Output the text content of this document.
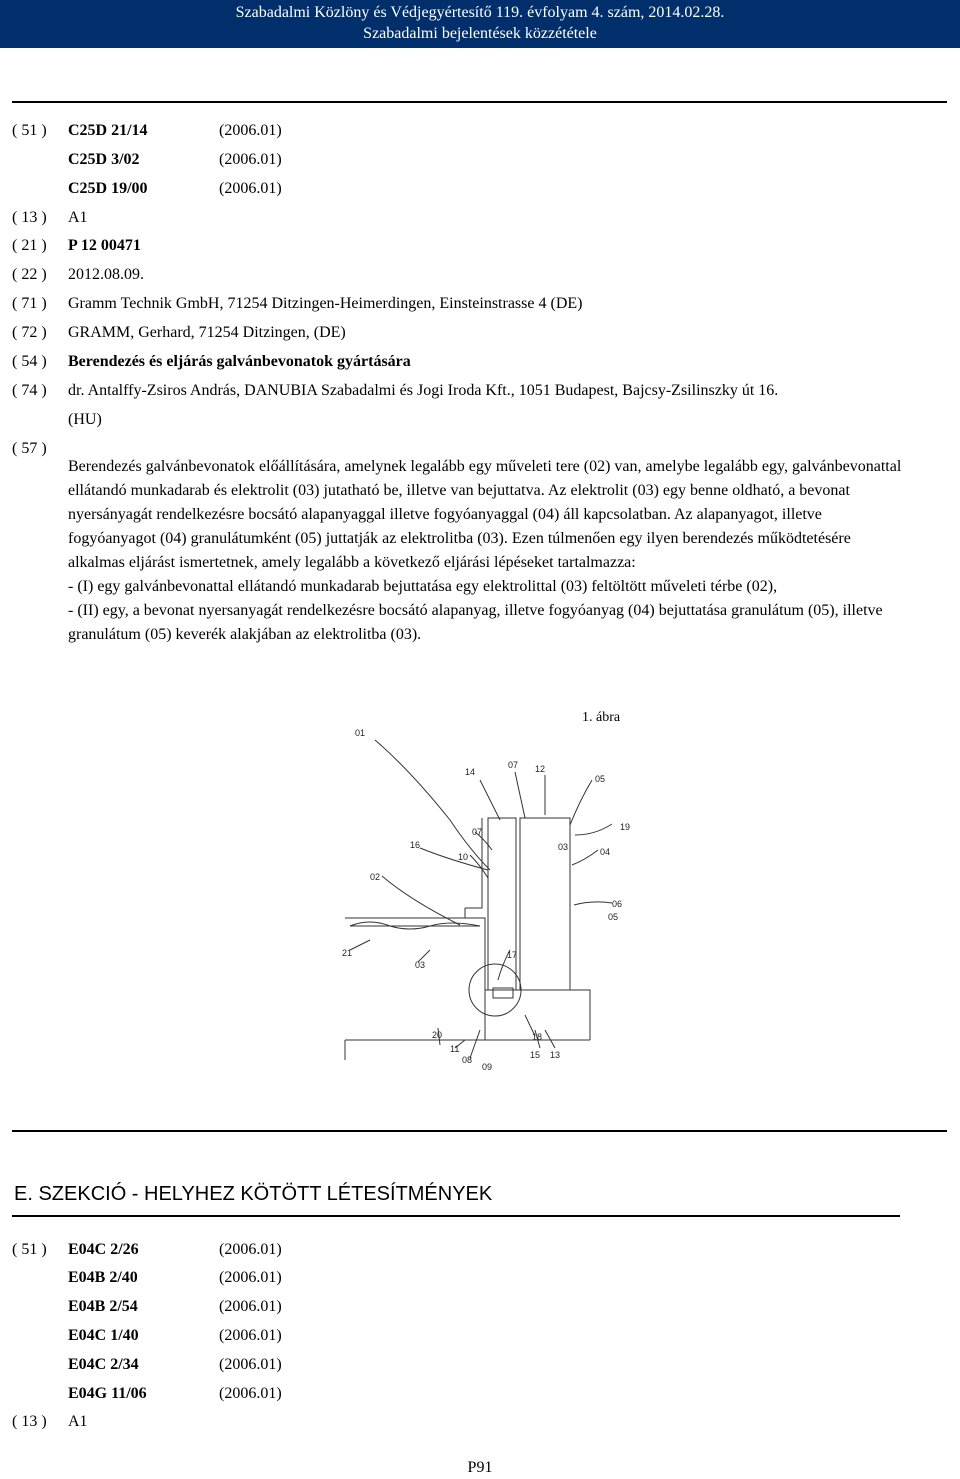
Szabadalmi Közlöny és Védjegyértesítő 119. évfolyam 4. szám, 2014.02.28.
Szabadalmi bejelentések közzététele
( 51 ) C25D 21/14	(2006.01)
C25D 3/02	(2006.01)
C25D 19/00	(2006.01)
( 13 ) A1
( 21 ) P 12 00471
( 22 ) 2012.08.09.
( 71 ) Gramm Technik GmbH, 71254 Ditzingen-Heimerdingen, Einsteinstrasse 4 (DE)
( 72 ) GRAMM, Gerhard, 71254 Ditzingen, (DE)
( 54 ) Berendezés és eljárás galvánbevonatok gyártására
( 74 ) dr. Antalffy-Zsiros András, DANUBIA Szabadalmi és Jogi Iroda Kft., 1051 Budapest, Bajcsy-Zsilinszky út 16.
(HU)
( 57 )

Berendezés galvánbevonatok előállítására, amelynek legalább egy műveleti tere (02) van, amelybe legalább egy, galvánbevonattal ellátandó munkadarab és elektrolit (03) jutatható be, illetve van bejuttatva. Az elektrolit (03) egy benne oldható, a bevonat nyersányagát rendelkezésre bocsátó alapanyaggal illetve fogyóanyaggal (04) áll kapcsolatban. Az alapanyagot, illetve fogyóanyagot (04) granulátumként (05) juttatják az elektrolitba (03). Ezen túlmenően egy ilyen berendezés működtetésére alkalmas eljárást ismertetnek, amely legalább a következő eljárási lépéseket tartalmazza:

- (I) egy galvánbevonattal ellátandó munkadarab bejuttatása egy elektrolittal (03) feltöltött műveleti térbe (02),

- (II) egy, a bevonat nyersanyagát rendelkezésre bocsátó alapanyag, illetve fogyóanyag (04) bejuttatása granulátum (05), illetve granulátum (05) keverék alakjában az elektrolitba (03).

1. ábra
01
14
07 12
05
19
07
16
10
03	04
02
06
05
21
03
17
20
11
08
09
18
15 13
E. SZEKCIÓ - HELYHEZ KÖTÖTT LÉTESÍTMÉNYEK
( 51 ) E04C 2/26	(2006.01)
E04B 2/40	(2006.01)
E04B 2/54	(2006.01)
E04C 1/40	(2006.01)
E04C 2/34	(2006.01)
E04G 11/06	(2006.01)
( 13 ) A1
P91
